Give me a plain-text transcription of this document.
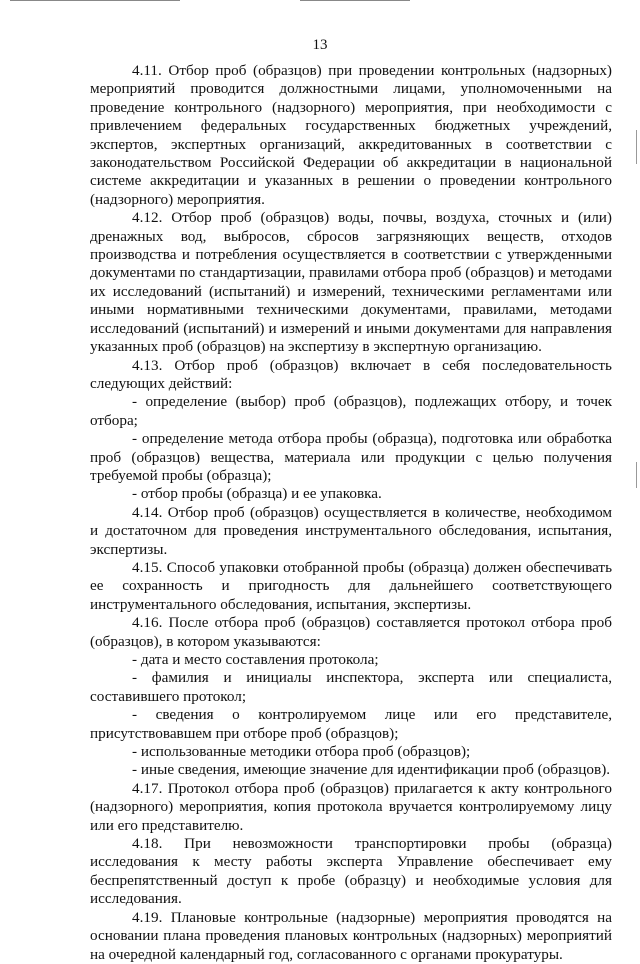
13

4.11. Отбор проб (образцов) при проведении контрольных (надзорных) мероприятий проводится должностными лицами, уполномоченными на проведение контрольного (надзорного) мероприятия, при необходимости с привлечением федеральных государственных бюджетных учреждений, экспертов, экспертных организаций, аккредитованных в соответствии с законодательством Российской Федерации об аккредитации в национальной системе аккредитации и указанных в решении о проведении контрольного (надзорного) мероприятия.

4.12. Отбор проб (образцов) воды, почвы, воздуха, сточных и (или) дренажных вод, выбросов, сбросов загрязняющих веществ, отходов производства и потребления осуществляется в соответствии с утвержденными документами по стандартизации, правилами отбора проб (образцов) и методами их исследований (испытаний) и измерений, техническими регламентами или иными нормативными техническими документами, правилами, методами исследований (испытаний) и измерений и иными документами для направления указанных проб (образцов) на экспертизу в экспертную организацию.

4.13. Отбор проб (образцов) включает в себя последовательность следующих действий:

- определение (выбор) проб (образцов), подлежащих отбору, и точек отбора;

- определение метода отбора пробы (образца), подготовка или обработка проб (образцов) вещества, материала или продукции с целью получения требуемой пробы (образца);

- отбор пробы (образца) и ее упаковка.

4.14. Отбор проб (образцов) осуществляется в количестве, необходимом и достаточном для проведения инструментального обследования, испытания, экспертизы.

4.15. Способ упаковки отобранной пробы (образца) должен обеспечивать ее сохранность и пригодность для дальнейшего соответствующего инструментального обследования, испытания, экспертизы.

4.16. После отбора проб (образцов) составляется протокол отбора проб (образцов), в котором указываются:

- дата и место составления протокола;

- фамилия и инициалы инспектора, эксперта или специалиста, составившего протокол;

- сведения о контролируемом лице или его представителе, присутствовавшем при отборе проб (образцов);

- использованные методики отбора проб (образцов);

- иные сведения, имеющие значение для идентификации проб (образцов).

4.17. Протокол отбора проб (образцов) прилагается к акту контрольного (надзорного) мероприятия, копия протокола вручается контролируемому лицу или его представителю.

4.18. При невозможности транспортировки пробы (образца) исследования к месту работы эксперта Управление обеспечивает ему беспрепятственный доступ к пробе (образцу) и необходимые условия для исследования.

4.19. Плановые контрольные (надзорные) мероприятия проводятся на основании плана проведения плановых контрольных (надзорных) мероприятий на очередной календарный год, согласованного с органами прокуратуры.
